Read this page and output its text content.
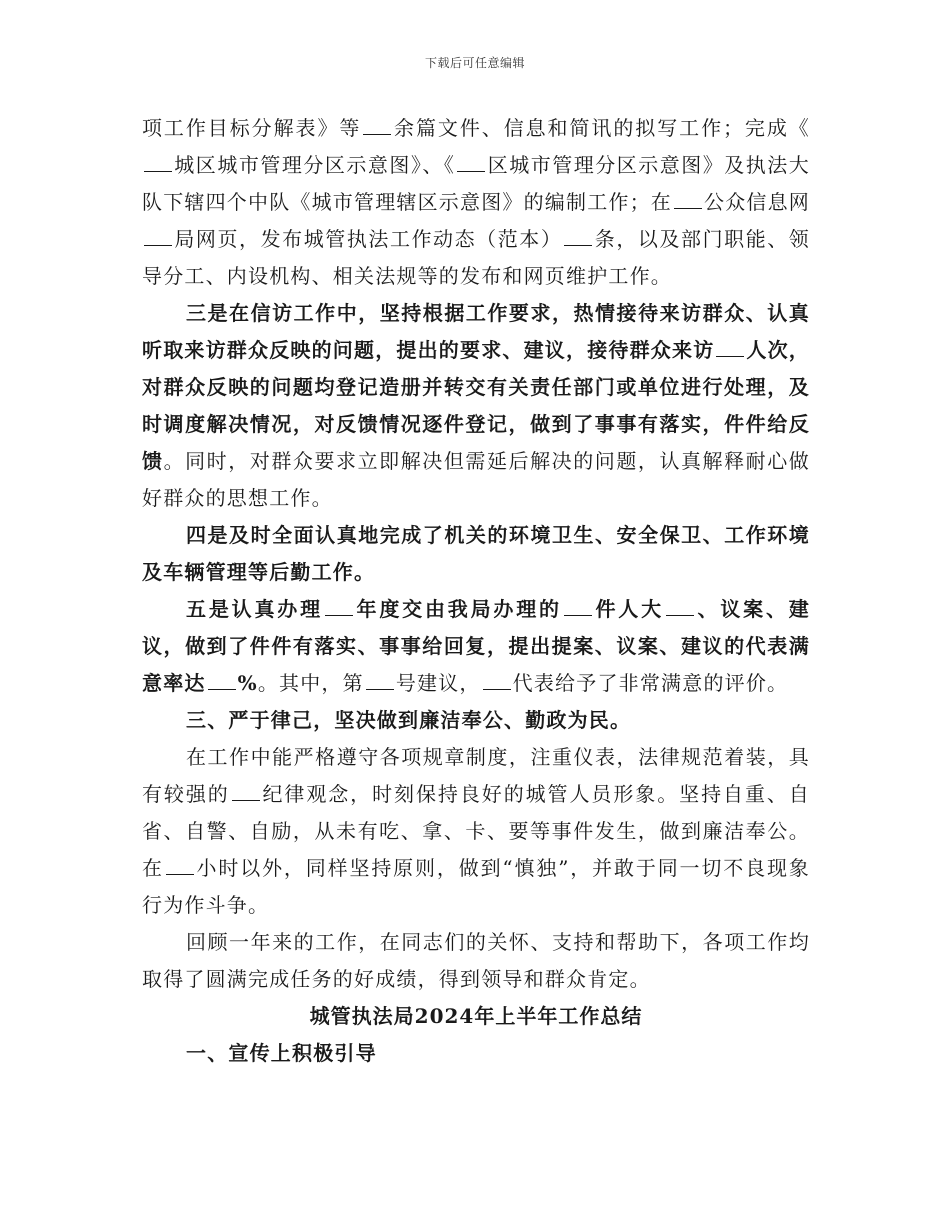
下载后可任意编辑

项工作目标分解表》等 余篇文件、信息和简讯的拟写工作；完成《城区城市管理分区示意图》、《 区城市管理分区示意图》及执法大队下辖四个中队《城市管理辖区示意图》的编制工作；在 公众信息网局网页，发布城管执法工作动态（范本） 条，以及部门职能、领导分工、内设机构、相关法规等的发布和网页维护工作。

三是在信访工作中，坚持根据工作要求，热情接待来访群众、认真听取来访群众反映的问题，提出的要求、建议，接待群众来访 人次，对群众反映的问题均登记造册并转交有关责任部门或单位进行处理，及时调度解决情况，对反馈情况逐件登记，做到了事事有落实，件件给反馈。同时，对群众要求立即解决但需延后解决的问题，认真解释耐心做好群众的思想工作。

四是及时全面认真地完成了机关的环境卫生、安全保卫、工作环境及车辆管理等后勤工作。

五是认真办理 年度交由我局办理的 件人大 、议案、建议，做到了件件有落实、事事给回复，提出提案、议案、建议的代表满意率达 %。其中，第 号建议， 代表给予了非常满意的评价。

三、严于律己，坚决做到廉洁奉公、勤政为民。

在工作中能严格遵守各项规章制度，注重仪表，法律规范着装，具有较强的 纪律观念，时刻保持良好的城管人员形象。坚持自重、自省、自警、自励，从未有吃、拿、卡、要等事件发生，做到廉洁奉公。在 小时以外，同样坚持原则，做到“慎独”，并敢于同一切不良现象行为作斗争。

回顾一年来的工作，在同志们的关怀、支持和帮助下，各项工作均取得了圆满完成任务的好成绩，得到领导和群众肯定。

城管执法局2024年上半年工作总结

一、宣传上积极引导
